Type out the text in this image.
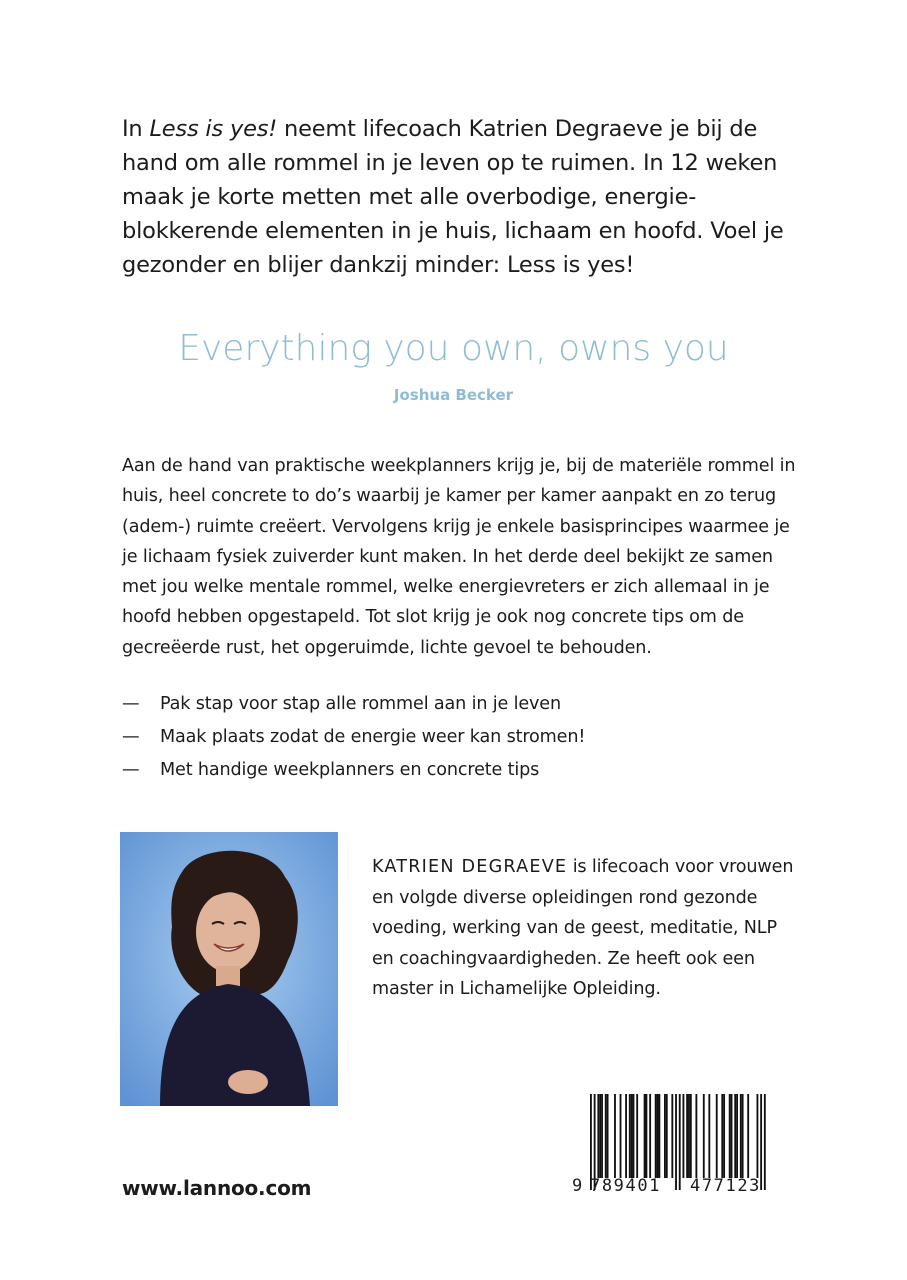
In Less is yes! neemt lifecoach Katrien Degraeve je bij de hand om alle rommel in je leven op te ruimen. In 12 weken maak je korte metten met alle overbodige, energie-blokkerende elementen in je huis, lichaam en hoofd. Voel je gezonder en blijer dankzij minder: Less is yes!

Everything you own, owns you

Joshua Becker

Aan de hand van praktische weekplanners krijg je, bij de materiële rommel in huis, heel concrete to do’s waarbij je kamer per kamer aanpakt en zo terug (adem-) ruimte creëert. Vervolgens krijg je enkele basisprincipes waarmee je je lichaam fysiek zuiverder kunt maken. In het derde deel bekijkt ze samen met jou welke mentale rommel, welke energievreters er zich allemaal in je hoofd hebben opgestapeld. Tot slot krijg je ook nog concrete tips om de gecreëerde rust, het opgeruimde, lichte gevoel te behouden.

— Pak stap voor stap alle rommel aan in je leven
— Maak plaats zodat de energie weer kan stromen!
— Met handige weekplanners en concrete tips

KATRIEN DEGRAEVE is lifecoach voor vrouwen en volgde diverse opleidingen rond gezonde voeding, werking van de geest, meditatie, NLP en coachingvaardigheden. Ze heeft ook een master in Lichamelijke Opleiding.

www.lannoo.com	9 789401 477123
